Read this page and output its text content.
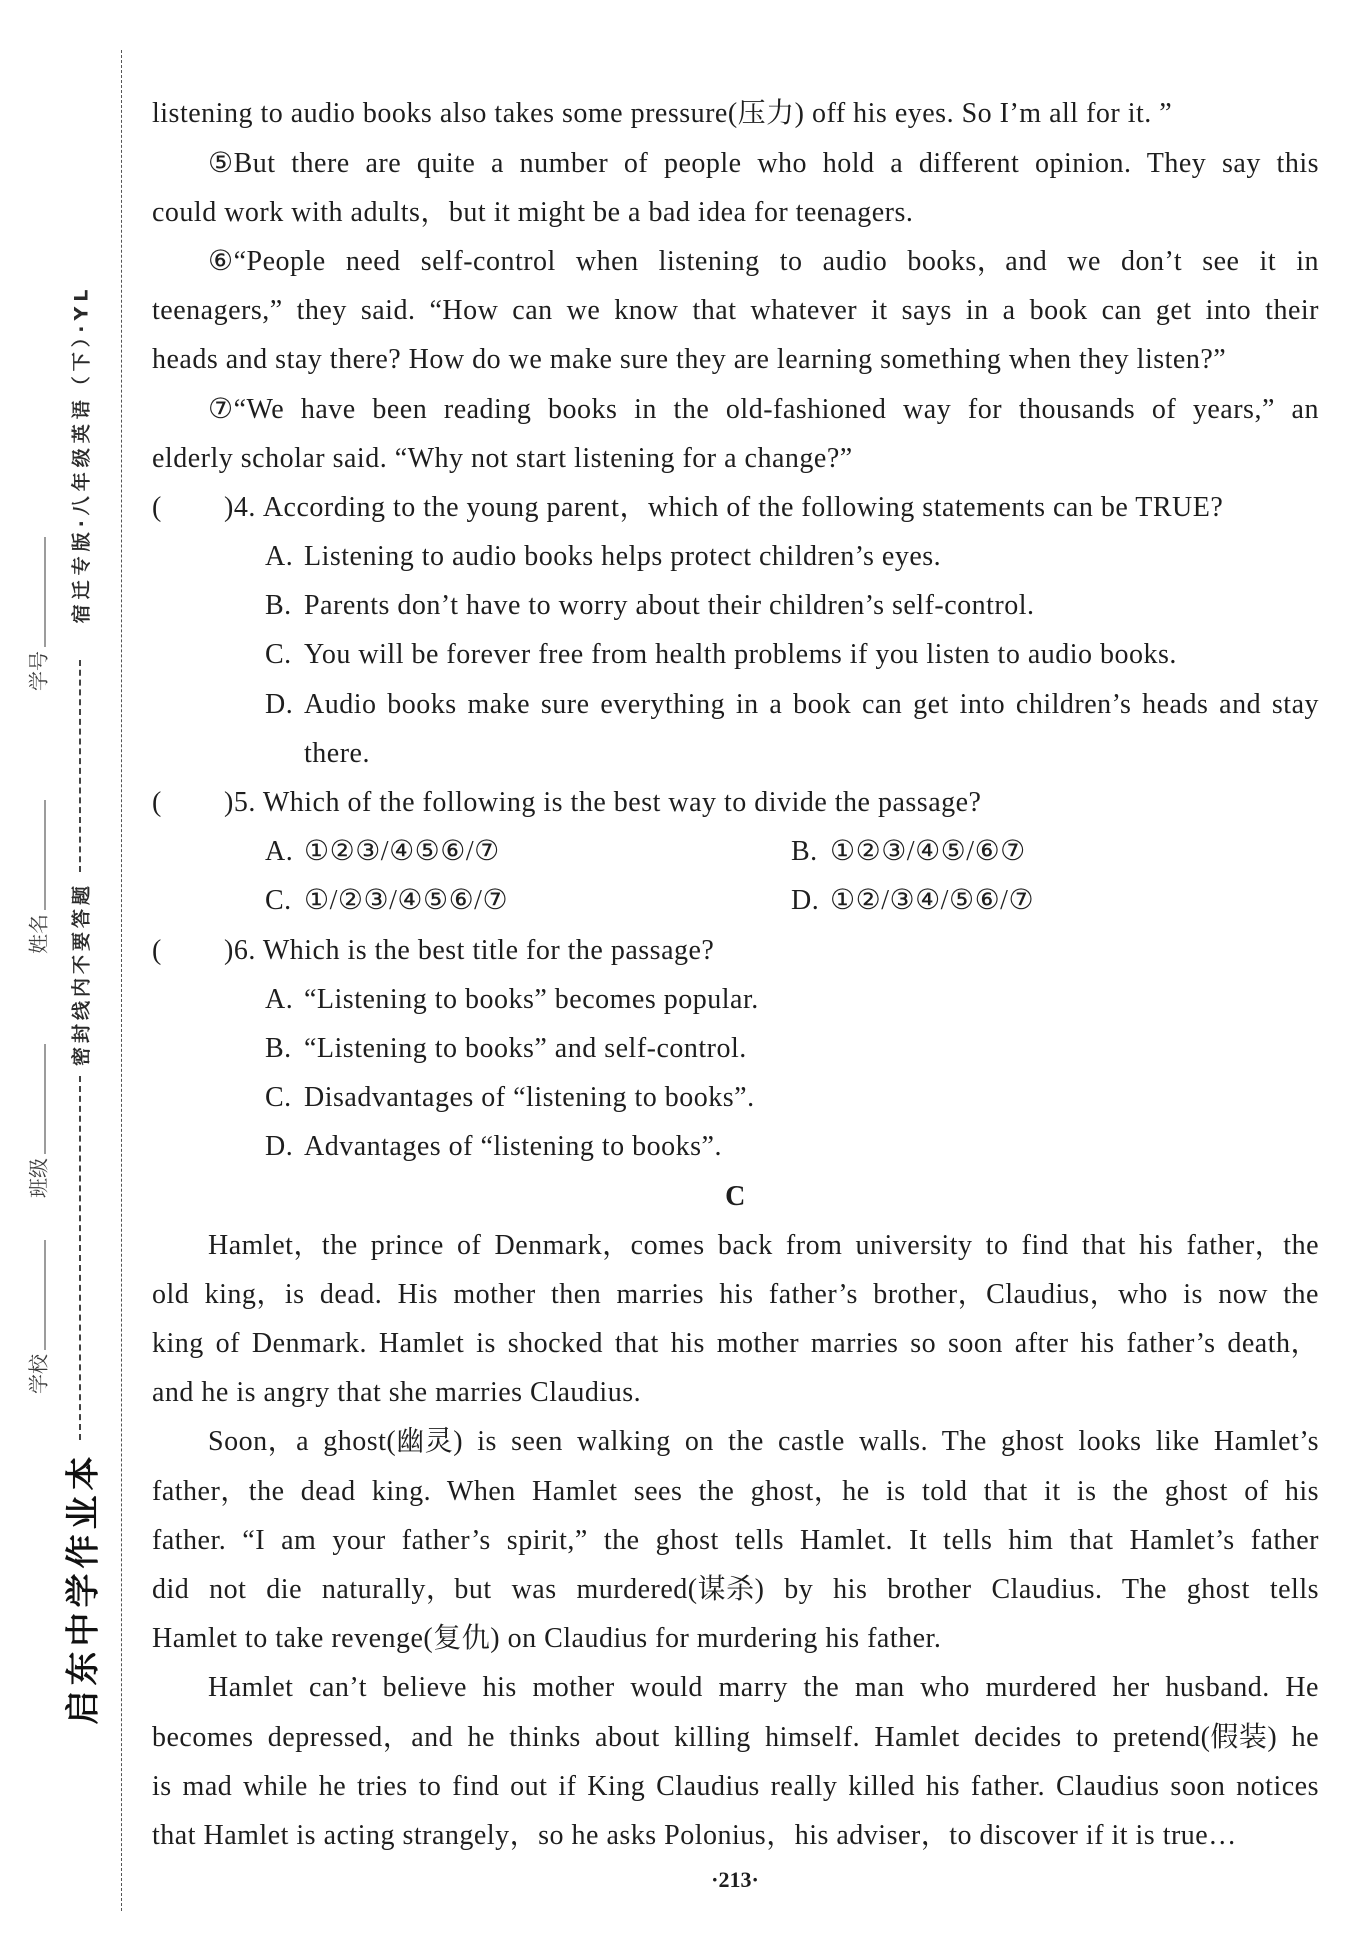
学号
姓名
班级
学校
宿迁专版·八年级英语（下）·YL
密封线内不要答题
启东中学作业本
listening to audio books also takes some pressure(压力) off his eyes. So I’m all for it. ”
⑤But there are quite a number of people who hold a different opinion. They say this
could work with adults，but it might be a bad idea for teenagers.
⑥“People need self-control when listening to audio books，and we don’t see it in
teenagers,” they said. “How can we know that whatever it says in a book can get into their
heads and stay there? How do we make sure they are learning something when they listen?”
⑦“We have been reading books in the old-fashioned way for thousands of years,” an
elderly scholar said. “Why not start listening for a change?”
( )4. According to the young parent，which of the following statements can be TRUE?
A. Listening to audio books helps protect children’s eyes.
B. Parents don’t have to worry about their children’s self-control.
C. You will be forever free from health problems if you listen to audio books.
D. Audio books make sure everything in a book can get into children’s heads and stay
there.
( )5. Which of the following is the best way to divide the passage?
A. ①②③/④⑤⑥/⑦	B. ①②③/④⑤/⑥⑦
C. ①/②③/④⑤⑥/⑦	D. ①②/③④/⑤⑥/⑦
( )6. Which is the best title for the passage?
A. “Listening to books” becomes popular.
B. “Listening to books” and self-control.
C. Disadvantages of “listening to books”.
D. Advantages of “listening to books”.
C
Hamlet，the prince of Denmark，comes back from university to find that his father，the
old king，is dead. His mother then marries his father’s brother，Claudius，who is now the
king of Denmark. Hamlet is shocked that his mother marries so soon after his father’s death，
and he is angry that she marries Claudius.
Soon，a ghost(幽灵) is seen walking on the castle walls. The ghost looks like Hamlet’s
father，the dead king. When Hamlet sees the ghost，he is told that it is the ghost of his
father. “I am your father’s spirit,” the ghost tells Hamlet. It tells him that Hamlet’s father
did not die naturally，but was murdered(谋杀) by his brother Claudius. The ghost tells
Hamlet to take revenge(复仇) on Claudius for murdering his father.
Hamlet can’t believe his mother would marry the man who murdered her husband. He
becomes depressed，and he thinks about killing himself. Hamlet decides to pretend(假装) he
is mad while he tries to find out if King Claudius really killed his father. Claudius soon notices
that Hamlet is acting strangely，so he asks Polonius，his adviser，to discover if it is true…
·213·
